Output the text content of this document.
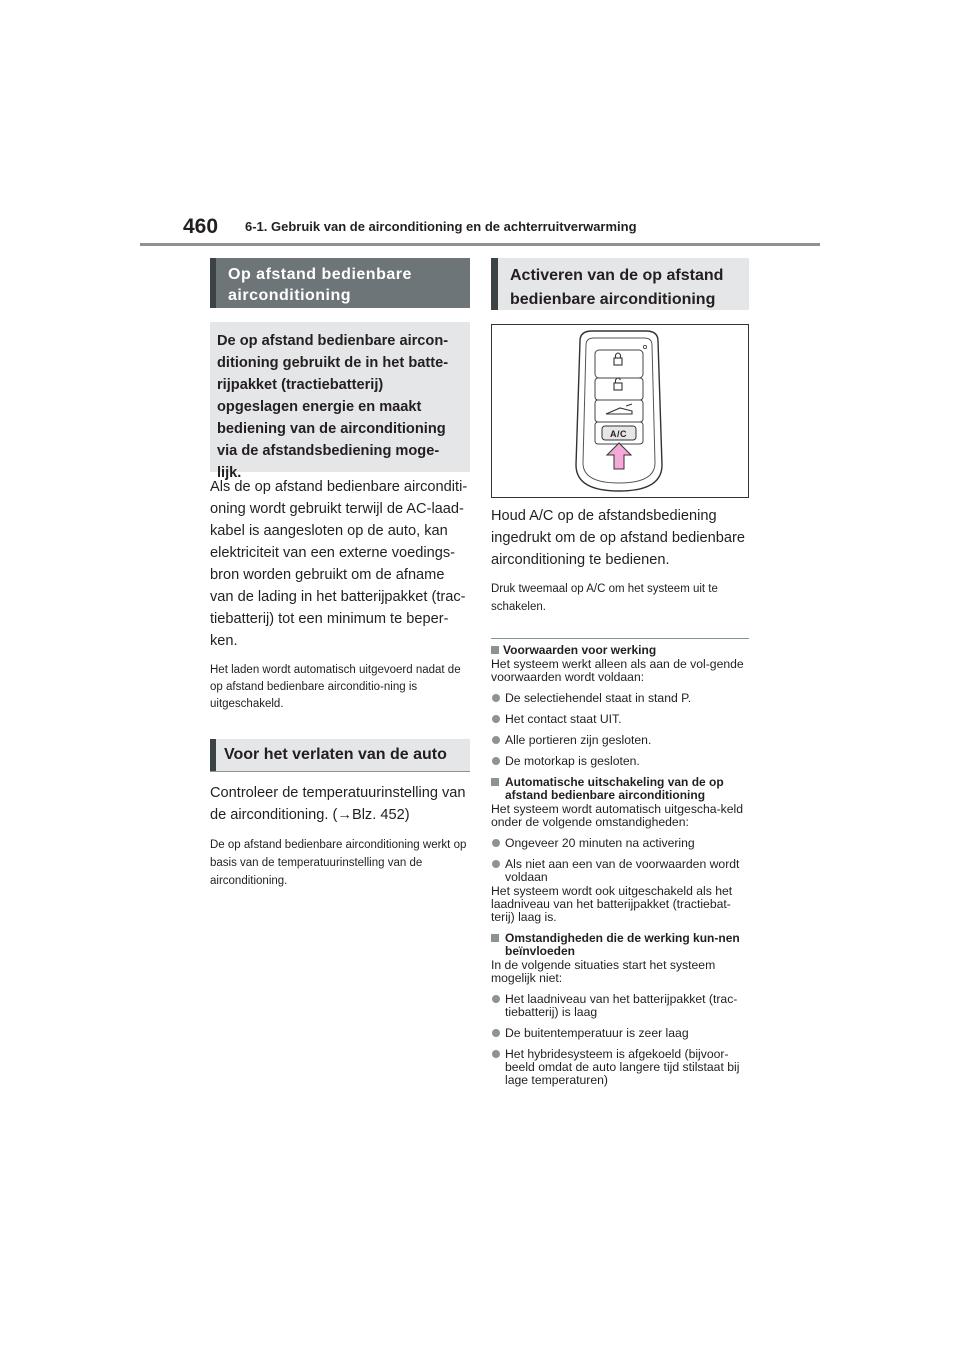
460 6-1. Gebruik van de airconditioning en de achterruitverwarming
Op afstand bedienbare airconditioning
De op afstand bedienbare aircon-ditioning gebruikt de in het batte-rijpakket (tractiebatterij) opgeslagen energie en maakt bediening van de airconditioning via de afstandsbediening moge-lijk.
Als de op afstand bedienbare airconditi-oning wordt gebruikt terwijl de AC-laad-kabel is aangesloten op de auto, kan elektriciteit van een externe voedings-bron worden gebruikt om de afname van de lading in het batterijpakket (trac-tiebatterij) tot een minimum te beper-ken.
Het laden wordt automatisch uitgevoerd nadat de op afstand bedienbare airconditio-ning is uitgeschakeld.
Voor het verlaten van de auto
Controleer de temperatuurinstelling van de airconditioning. (→Blz. 452)
De op afstand bedienbare airconditioning werkt op basis van de temperatuurinstelling van de airconditioning.
Activeren van de op afstand bedienbare airconditioning
A/C
Houd A/C op de afstandsbediening ingedrukt om de op afstand bedienbare airconditioning te bedienen.
Druk tweemaal op A/C om het systeem uit te schakelen.
Voorwaarden voor werking
Het systeem werkt alleen als aan de vol-gende voorwaarden wordt voldaan:
De selectiehendel staat in stand P.
Het contact staat UIT.
Alle portieren zijn gesloten.
De motorkap is gesloten.
Automatische uitschakeling van de op afstand bedienbare airconditioning
Het systeem wordt automatisch uitgescha-keld onder de volgende omstandigheden:
Ongeveer 20 minuten na activering
Als niet aan een van de voorwaarden wordt voldaan
Het systeem wordt ook uitgeschakeld als het laadniveau van het batterijpakket (tractiebat-terij) laag is.
Omstandigheden die de werking kun-nen beïnvloeden
In de volgende situaties start het systeem mogelijk niet:
Het laadniveau van het batterijpakket (trac-tiebatterij) is laag
De buitentemperatuur is zeer laag
Het hybridesysteem is afgekoeld (bijvoor-beeld omdat de auto langere tijd stilstaat bij lage temperaturen)
